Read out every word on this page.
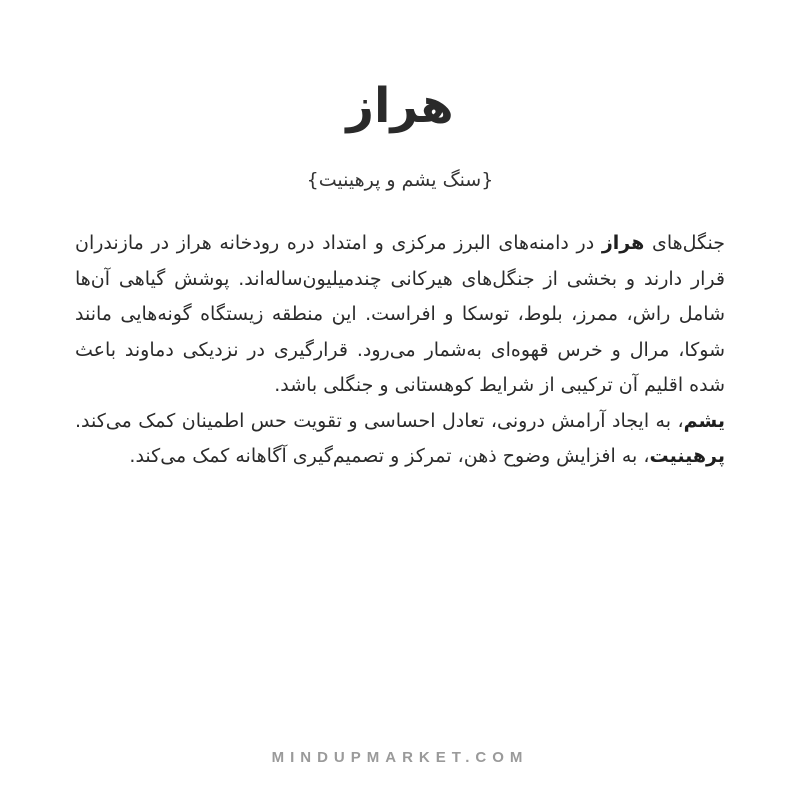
هراز
{سنگ یشم و پرهینیت}

جنگل‌های هراز در دامنه‌های البرز مرکزی و امتداد دره رودخانه هراز در مازندران قرار دارند و بخشی از جنگل‌های هیرکانی چندمیلیون‌ساله‌اند. پوشش گیاهی آن‌ها شامل راش، ممرز، بلوط، توسکا و افراست. این منطقه زیستگاه گونه‌هایی مانند شوکا، مرال و خرس قهوه‌ای به‌شمار می‌رود. قرارگیری در نزدیکی دماوند باعث شده اقلیم آن ترکیبی از شرایط کوهستانی و جنگلی باشد.

یشم، به ایجاد آرامش درونی، تعادل احساسی و تقویت حس اطمینان کمک می‌کند. پرهینیت، به افزایش وضوح ذهن، تمرکز و تصمیم‌گیری آگاهانه کمک می‌کند.

MINDUPMARKET.COM
